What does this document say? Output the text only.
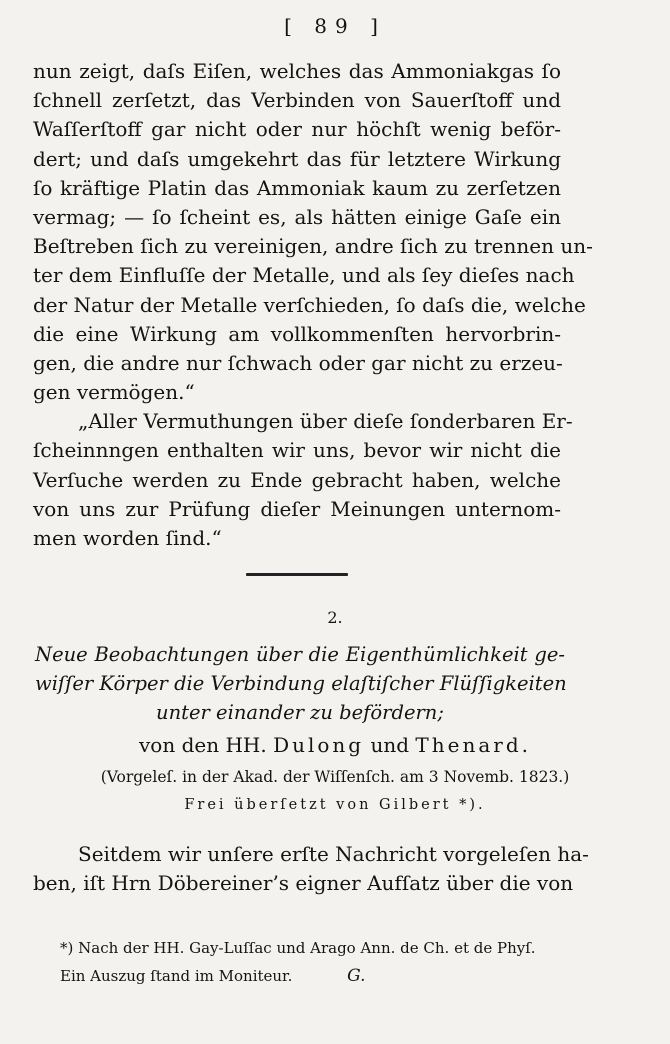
[ 89 ]
nun zeigt, daſs Eiſen, welches das Ammoniakgas ſo
ſchnell zerſetzt, das Verbinden von Sauerſtoff und
Waſſerſtoff gar nicht oder nur höchſt wenig beför-
dert; und daſs umgekehrt das für letztere Wirkung
ſo kräftige Platin das Ammoniak kaum zu zerſetzen
vermag; — ſo ſcheint es, als hätten einige Gaſe ein
Beſtreben ſich zu vereinigen, andre ſich zu trennen un-
ter dem Einfluſſe der Metalle, und als ſey dieſes nach
der Natur der Metalle verſchieden, ſo daſs die, welche
die eine Wirkung am vollkommenſten hervorbrin-
gen, die andre nur ſchwach oder gar nicht zu erzeu-
gen vermögen.“
„Aller Vermuthungen über dieſe ſonderbaren Er-
ſcheinnngen enthalten wir uns, bevor wir nicht die
Verſuche werden zu Ende gebracht haben, welche
von uns zur Prüfung dieſer Meinungen unternom-
men worden ſind.“
2.
Neue Beobachtungen über die Eigenthümlichkeit ge-
wiſſer Körper die Verbindung elaſtiſcher Flüſſigkeiten
unter einander zu befördern;
von den HH. Dulong und Thenard.
(Vorgeleſ. in der Akad. der Wiſſenſch. am 3 Novemb. 1823.)
Frei überſetzt von Gilbert *).
Seitdem wir unſere erſte Nachricht vorgeleſen ha-
ben, iſt Hrn Döbereiner’s eigner Aufſatz über die von
*) Nach der HH. Gay-Luſſac und Arago Ann. de Ch. et de Phyſ.
Ein Auszug ſtand im Moniteur.	G.
